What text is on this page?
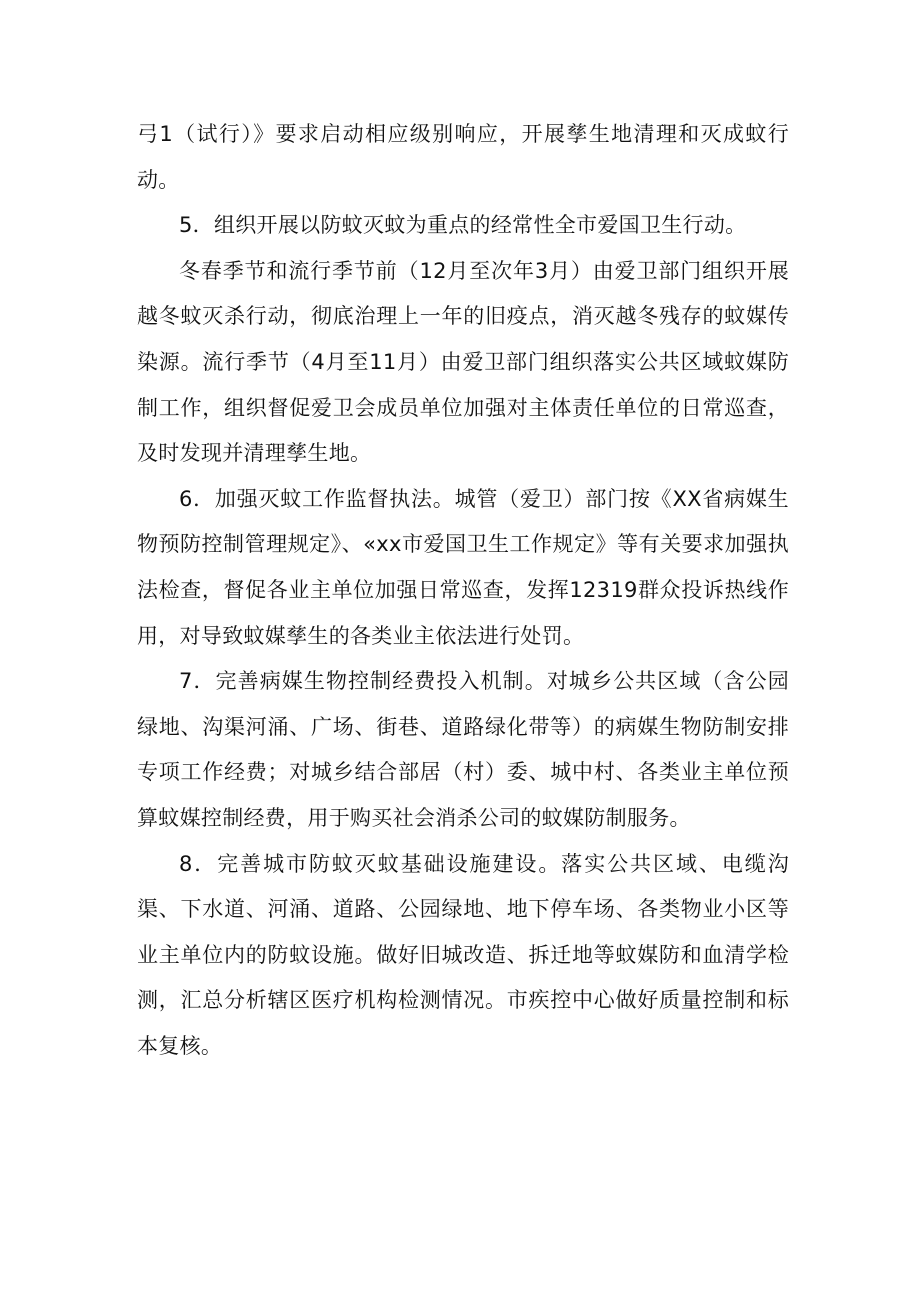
弓1（试行）》要求启动相应级别响应，开展孳生地清理和灭成蚊行动。

5．组织开展以防蚊灭蚊为重点的经常性全市爱国卫生行动。

冬春季节和流行季节前（12月至次年3月）由爱卫部门组织开展越冬蚊灭杀行动，彻底治理上一年的旧疫点，消灭越冬残存的蚊媒传染源。流行季节（4月至11月）由爱卫部门组织落实公共区域蚊媒防制工作，组织督促爱卫会成员单位加强对主体责任单位的日常巡查，及时发现并清理孳生地。

6．加强灭蚊工作监督执法。城管（爱卫）部门按《XX省病媒生物预防控制管理规定》、«xx市爱国卫生工作规定》等有关要求加强执法检查，督促各业主单位加强日常巡查，发挥12319群众投诉热线作用，对导致蚊媒孳生的各类业主依法进行处罚。

7．完善病媒生物控制经费投入机制。对城乡公共区域（含公园绿地、沟渠河涌、广场、街巷、道路绿化带等）的病媒生物防制安排专项工作经费；对城乡结合部居（村）委、城中村、各类业主单位预算蚊媒控制经费，用于购买社会消杀公司的蚊媒防制服务。

8．完善城市防蚊灭蚊基础设施建设。落实公共区域、电缆沟渠、下水道、河涌、道路、公园绿地、地下停车场、各类物业小区等业主单位内的防蚊设施。做好旧城改造、拆迁地等蚊媒防和血清学检测，汇总分析辖区医疗机构检测情况。市疾控中心做好质量控制和标本复核。
